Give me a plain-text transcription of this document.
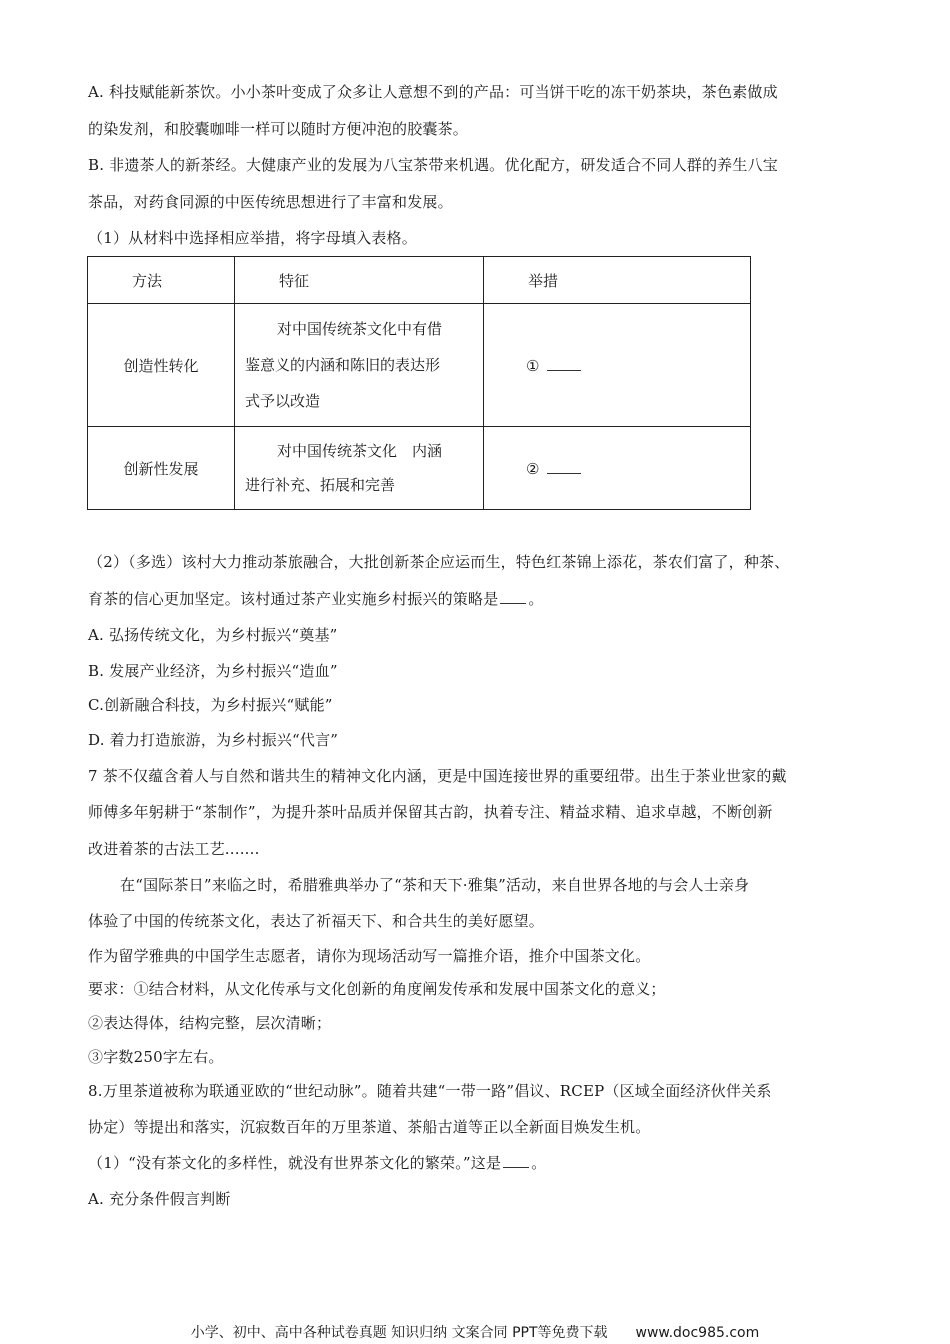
A. 科技赋能新茶饮。小小茶叶变成了众多让人意想不到的产品：可当饼干吃的冻干奶茶块，茶色素做成
的染发剂，和胶囊咖啡一样可以随时方便冲泡的胶囊茶。
B. 非遗茶人的新茶经。大健康产业的发展为八宝茶带来机遇。优化配方，研发适合不同人群的养生八宝
茶品，对药食同源的中医传统思想进行了丰富和发展。
（1）从材料中选择相应举措，将字母填入表格。
方法	特征	举措
创造性转化	对中国传统茶文化中有借
鉴意义的内涵和陈旧的表达形
式予以改造	①
创新性发展	对中国传统茶文化　内涵
进行补充、拓展和完善	②
（2）（多选）该村大力推动茶旅融合，大批创新茶企应运而生，特色红茶锦上添花，茶农们富了，种茶、
育茶的信心更加坚定。该村通过茶产业实施乡村振兴的策略是 。
A. 弘扬传统文化，为乡村振兴“奠基”
B. 发展产业经济，为乡村振兴“造血”
C.创新融合科技，为乡村振兴“赋能”
D. 着力打造旅游，为乡村振兴“代言”
7 茶不仅蕴含着人与自然和谐共生的精神文化内涵，更是中国连接世界的重要纽带。出生于茶业世家的戴
师傅多年躬耕于“茶制作”，为提升茶叶品质并保留其古韵，执着专注、精益求精、追求卓越，不断创新
改进着茶的古法工艺.......
在“国际茶日”来临之时，希腊雅典举办了“茶和天下·雅集”活动，来自世界各地的与会人士亲身
体验了中国的传统茶文化，表达了祈福天下、和合共生的美好愿望。
作为留学雅典的中国学生志愿者，请你为现场活动写一篇推介语，推介中国茶文化。
要求：①结合材料，从文化传承与文化创新的角度阐发传承和发展中国茶文化的意义；
②表达得体，结构完整，层次清晰；
③字数250字左右。
8.万里茶道被称为联通亚欧的“世纪动脉”。随着共建“一带一路”倡议、RCEP（区域全面经济伙伴关系
协定）等提出和落实，沉寂数百年的万里茶道、茶船古道等正以全新面目焕发生机。
（1）“没有茶文化的多样性，就没有世界茶文化的繁荣。”这是 。
A. 充分条件假言判断
小学、初中、高中各种试卷真题 知识归纳 文案合同 PPT等免费下载　　www.doc985.com
